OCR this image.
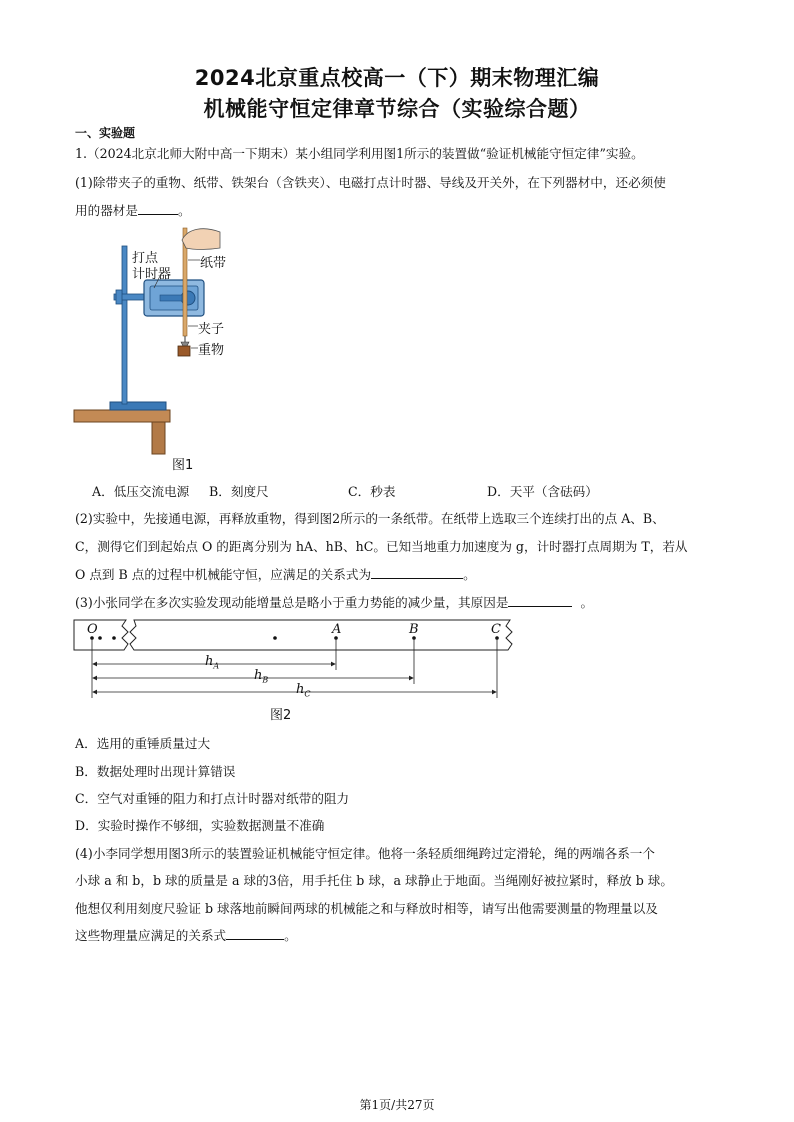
2024北京重点校高一（下）期末物理汇编
机械能守恒定律章节综合（实验综合题）
一、实验题
1.（2024北京北师大附中高一下期末）某小组同学利用图1所示的装置做“验证机械能守恒定律”实验。
(1)除带夹子的重物、纸带、铁架台（含铁夹）、电磁打点计时器、导线及开关外，在下列器材中，还必须使
用的器材是	。
打点
计时器
纸带
夹子
重物
图1
A．低压交流电源 B．刻度尺	C．秒表	D．天平（含砝码）
(2)实验中，先接通电源，再释放重物，得到图2所示的一条纸带。在纸带上选取三个连续打出的点 A、B、
C，测得它们到起始点 O 的距离分别为 hA、hB、hC。已知当地重力加速度为 g，计时器打点周期为 T，若从
O 点到 B 点的过程中机械能守恒，应满足的关系式为	。
(3)小张同学在多次实验发现动能增量总是略小于重力势能的减少量，其原因是	。
O	A	B	C
$h_A$
$h_B$
$h_C$
图2
A．选用的重锤质量过大
B．数据处理时出现计算错误
C．空气对重锤的阻力和打点计时器对纸带的阻力
D．实验时操作不够细，实验数据测量不准确
(4)小李同学想用图3所示的装置验证机械能守恒定律。他将一条轻质细绳跨过定滑轮，绳的两端各系一个
小球 a 和 b，b 球的质量是 a 球的3倍，用手托住 b 球，a 球静止于地面。当绳刚好被拉紧时，释放 b 球。
他想仅利用刻度尺验证 b 球落地前瞬间两球的机械能之和与释放时相等，请写出他需要测量的物理量以及
这些物理量应满足的关系式	。
第1页/共27页
